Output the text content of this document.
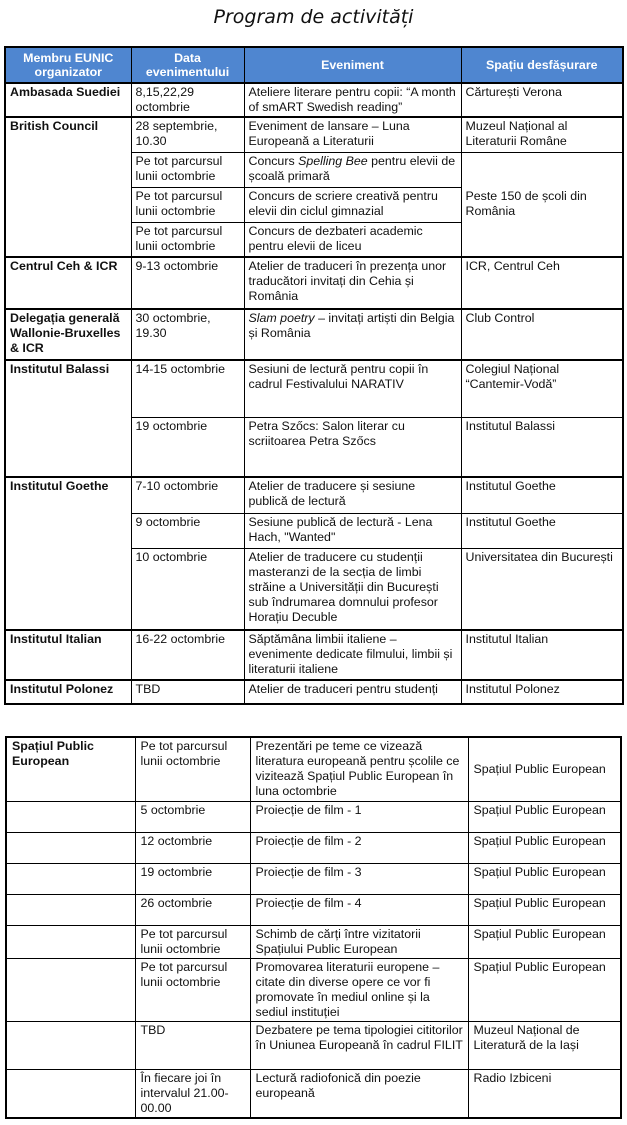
Program de activități
Membru EUNIC organizator	Data evenimentului	Eveniment	Spațiu desfășurare
Ambasada Suediei	8,15,22,29 octombrie	Ateliere literare pentru copii: “A month of smART Swedish reading”	Cărturești Verona
British Council	28 septembrie, 10.30	Eveniment de lansare – Luna Europeană a Literaturii	Muzeul Național al Literaturii Române
	Pe tot parcursul lunii octombrie	Concurs Spelling Bee pentru elevii de școală primară	Peste 150 de școli din România
	Pe tot parcursul lunii octombrie	Concurs de scriere creativă pentru elevii din ciclul gimnazial	
	Pe tot parcursul lunii octombrie	Concurs de dezbateri academic pentru elevii de liceu	
Centrul Ceh & ICR	9-13 octombrie	Atelier de traduceri în prezența unor traducători invitați din Cehia și România	ICR, Centrul Ceh
Delegația generală Wallonie-Bruxelles & ICR	30 octombrie, 19.30	Slam poetry – invitați artiști din Belgia și România	Club Control
Institutul Balassi	14-15 octombrie	Sesiuni de lectură pentru copii în cadrul Festivalului NARATIV	Colegiul Național “Cantemir-Vodă”
	19 octombrie	Petra Szőcs: Salon literar cu scriitoarea Petra Szőcs	Institutul Balassi
Institutul Goethe	7-10 octombrie	Atelier de traducere și sesiune publică de lectură	Institutul Goethe
	9 octombrie	Sesiune publică de lectură - Lena Hach, "Wanted"	Institutul Goethe
	10 octombrie	Atelier de traducere cu studenții masteranzi de la secția de limbi străine a Universității din București sub îndrumarea domnului profesor Horațiu Decuble	Universitatea din București
Institutul Italian	16-22 octombrie	Săptămâna limbii italiene – evenimente dedicate filmului, limbii și literaturii italiene	Institutul Italian
Institutul Polonez	TBD	Atelier de traduceri pentru studenți	Institutul Polonez
Spațiul Public European	Pe tot parcursul lunii octombrie	Prezentări pe teme ce vizează literatura europeană pentru școlile ce vizitează Spațiul Public European în luna octombrie	Spațiul Public European
	5 octombrie	Proiecție de film - 1	Spațiul Public European
	12 octombrie	Proiecție de film - 2	Spațiul Public European
	19 octombrie	Proiecție de film - 3	Spațiul Public European
	26 octombrie	Proiecție de film - 4	Spațiul Public European
	Pe tot parcursul lunii octombrie	Schimb de cărți între vizitatorii Spațiului Public European	Spațiul Public European
	Pe tot parcursul lunii octombrie	Promovarea literaturii europene – citate din diverse opere ce vor fi promovate în mediul online și la sediul instituției	Spațiul Public European
	TBD	Dezbatere pe tema tipologiei cititorilor în Uniunea Europeană în cadrul FILIT	Muzeul Național de Literatură de la Iași
	În fiecare joi în intervalul 21.00-00.00	Lectură radiofonică din poezie europeană	Radio Izbiceni
